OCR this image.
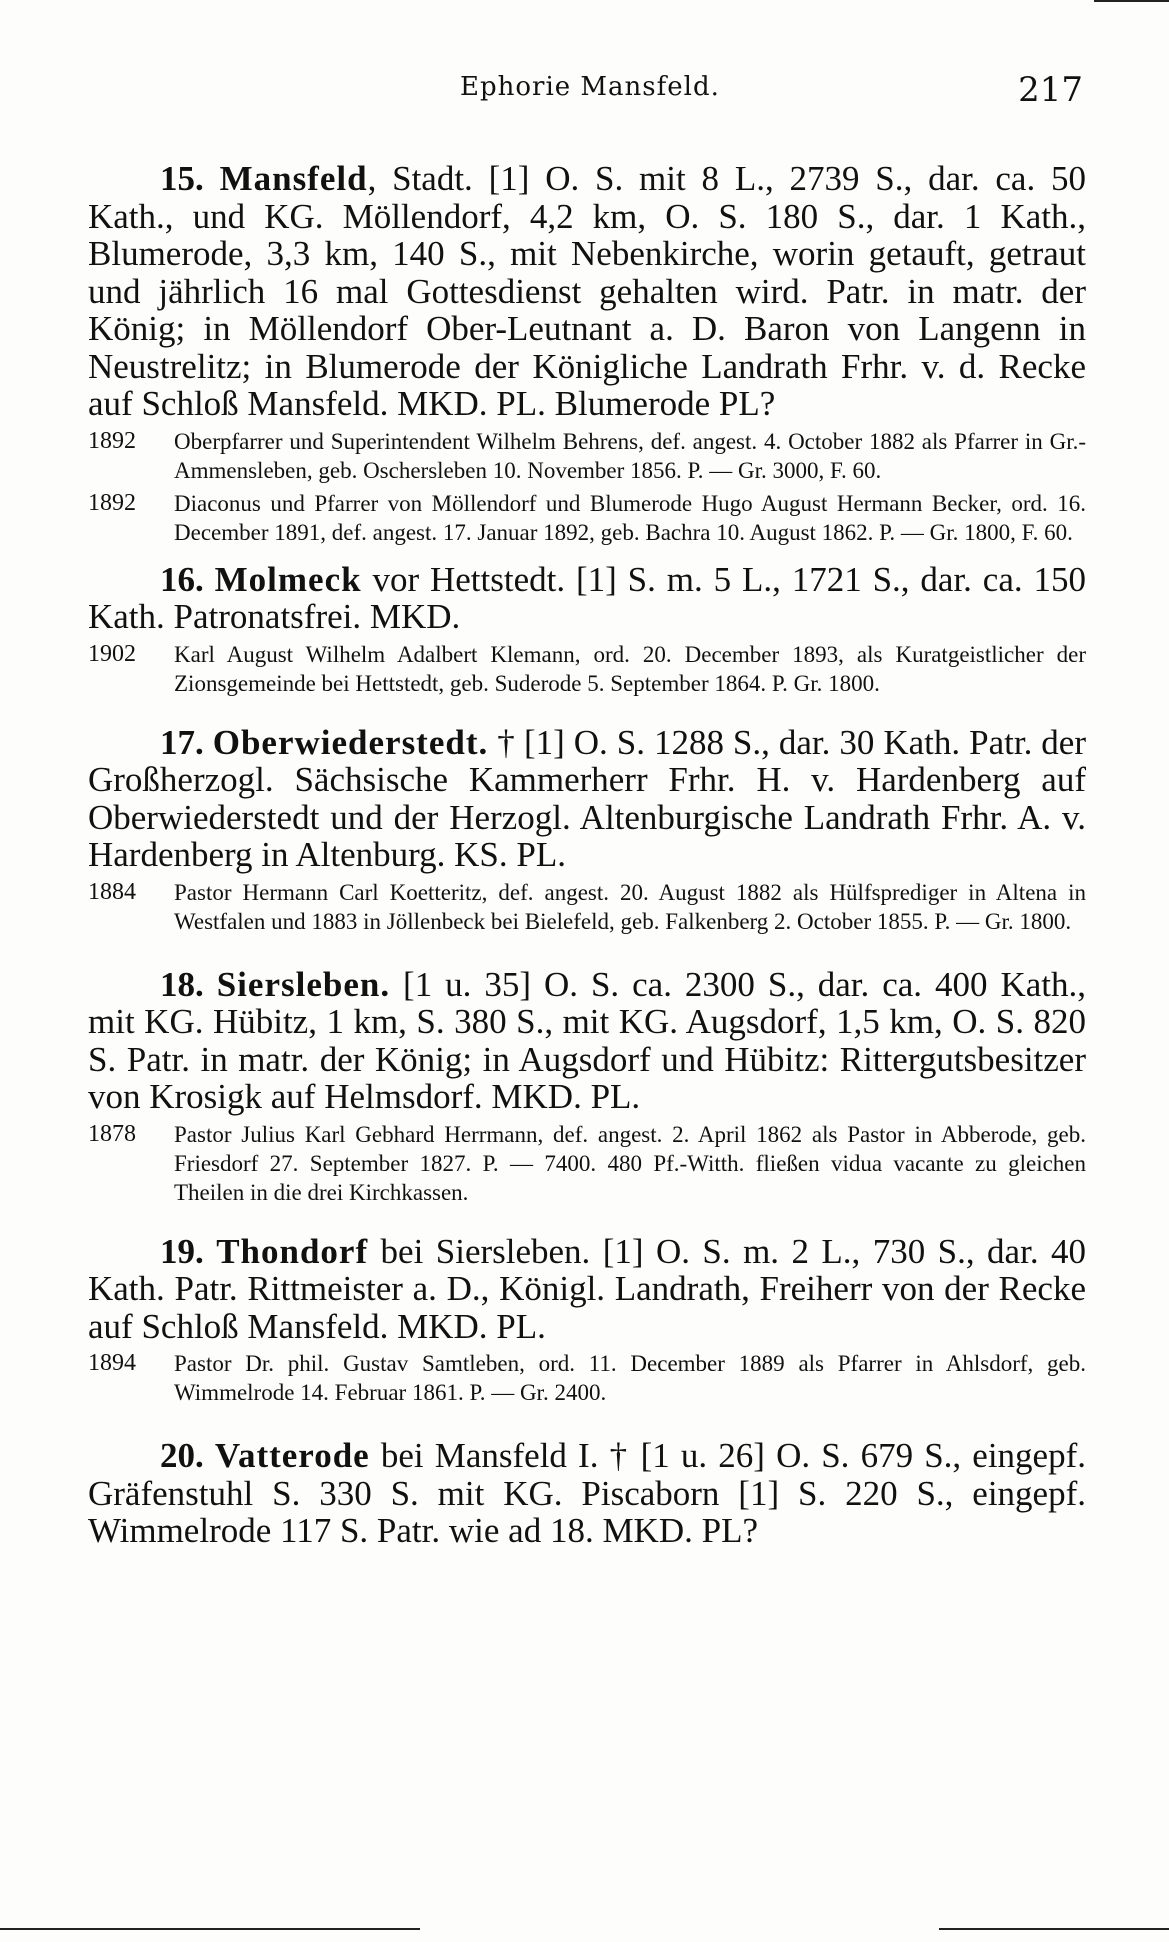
Ephorie Mansfeld.	217

15. Mansfeld, Stadt. [1] O. S. mit 8 L., 2739 S., dar. ca. 50 Kath., und KG. Möllendorf, 4,2 km, O. S. 180 S., dar. 1 Kath., Blumerode, 3,3 km, 140 S., mit Nebenkirche, worin getauft, getraut und jährlich 16 mal Gottesdienst gehalten wird. Patr. in matr. der König; in Möllendorf Ober-Leutnant a. D. Baron von Langenn in Neustrelitz; in Blumerode der Königliche Landrath Frhr. v. d. Recke auf Schloß Mansfeld. MKD. PL. Blumerode PL?

1892	Oberpfarrer und Superintendent Wilhelm Behrens, def. angest. 4. October 1882 als Pfarrer in Gr.-Ammensleben, geb. Oschersleben 10. November 1856. P. — Gr. 3000, F. 60.
1892	Diaconus und Pfarrer von Möllendorf und Blumerode Hugo August Hermann Becker, ord. 16. December 1891, def. angest. 17. Januar 1892, geb. Bachra 10. August 1862. P. — Gr. 1800, F. 60.

16. Molmeck vor Hettstedt. [1] S. m. 5 L., 1721 S., dar. ca. 150 Kath. Patronatsfrei. MKD.

1902	Karl August Wilhelm Adalbert Klemann, ord. 20. December 1893, als Kuratgeistlicher der Zionsgemeinde bei Hettstedt, geb. Suderode 5. September 1864. P. Gr. 1800.

17. Oberwiederstedt. † [1] O. S. 1288 S., dar. 30 Kath. Patr. der Großherzogl. Sächsische Kammerherr Frhr. H. v. Hardenberg auf Oberwiederstedt und der Herzogl. Altenburgische Landrath Frhr. A. v. Hardenberg in Altenburg. KS. PL.

1884	Pastor Hermann Carl Koetteritz, def. angest. 20. August 1882 als Hülfsprediger in Altena in Westfalen und 1883 in Jöllenbeck bei Bielefeld, geb. Falkenberg 2. October 1855. P. — Gr. 1800.

18. Siersleben. [1 u. 35] O. S. ca. 2300 S., dar. ca. 400 Kath., mit KG. Hübitz, 1 km, S. 380 S., mit KG. Augsdorf, 1,5 km, O. S. 820 S. Patr. in matr. der König; in Augsdorf und Hübitz: Rittergutsbesitzer von Krosigk auf Helmsdorf. MKD. PL.

1878	Pastor Julius Karl Gebhard Herrmann, def. angest. 2. April 1862 als Pastor in Abberode, geb. Friesdorf 27. September 1827. P. — 7400. 480 Pf.-Witth. fließen vidua vacante zu gleichen Theilen in die drei Kirchkassen.

19. Thondorf bei Siersleben. [1] O. S. m. 2 L., 730 S., dar. 40 Kath. Patr. Rittmeister a. D., Königl. Landrath, Freiherr von der Recke auf Schloß Mansfeld. MKD. PL.

1894	Pastor Dr. phil. Gustav Samtleben, ord. 11. December 1889 als Pfarrer in Ahlsdorf, geb. Wimmelrode 14. Februar 1861. P. — Gr. 2400.

20. Vatterode bei Mansfeld I. † [1 u. 26] O. S. 679 S., eingepf. Gräfenstuhl S. 330 S. mit KG. Piscaborn [1] S. 220 S., eingepf. Wimmelrode 117 S. Patr. wie ad 18. MKD. PL?
